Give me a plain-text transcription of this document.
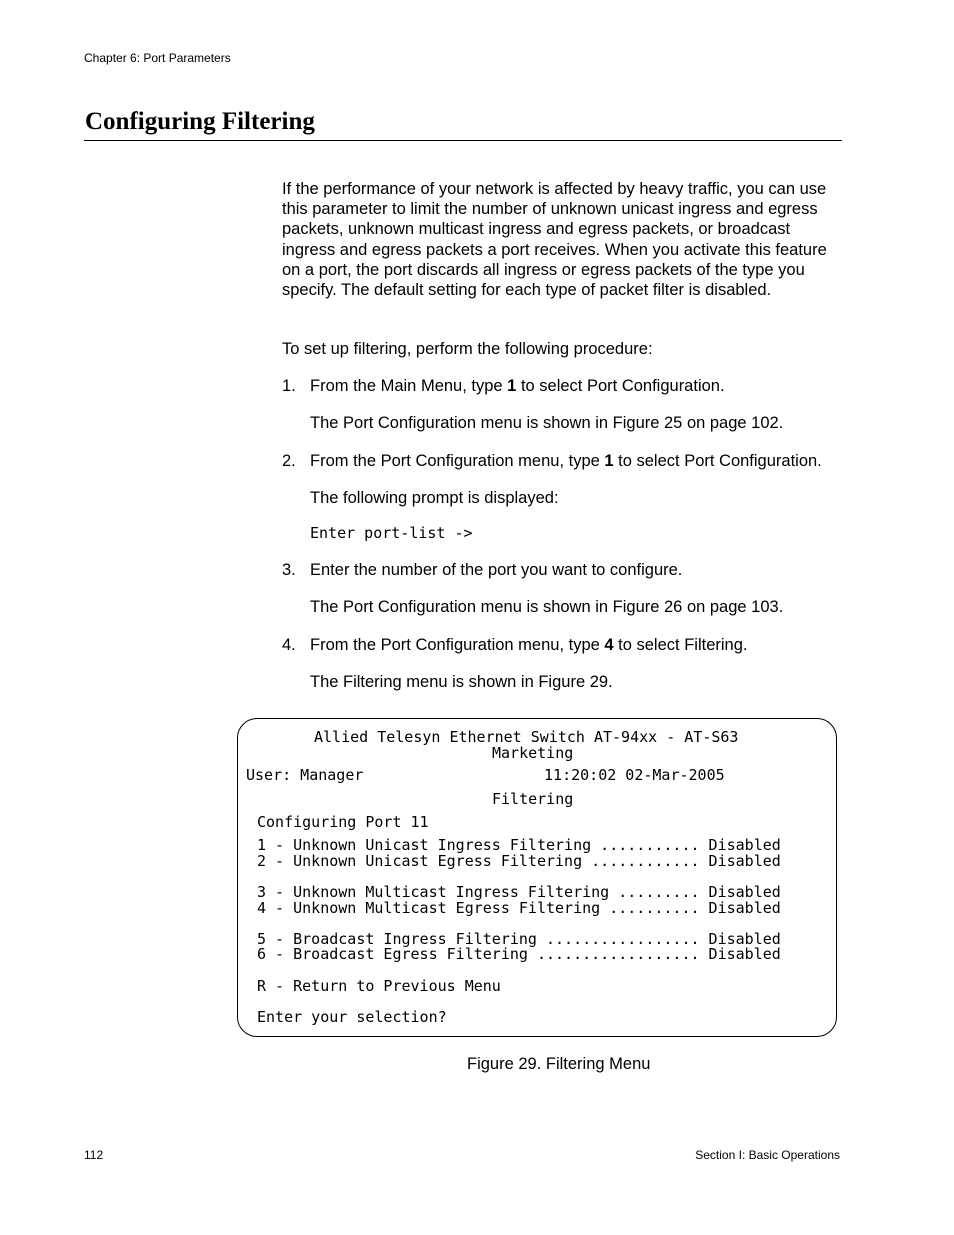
Chapter 6: Port Parameters
Configuring Filtering

If the performance of your network is affected by heavy traffic, you can use this parameter to limit the number of unknown unicast ingress and egress packets, unknown multicast ingress and egress packets, or broadcast ingress and egress packets a port receives. When you activate this feature on a port, the port discards all ingress or egress packets of the type you specify. The default setting for each type of packet filter is disabled.

To set up filtering, perform the following procedure:

1. From the Main Menu, type 1 to select Port Configuration.

The Port Configuration menu is shown in Figure 25 on page 102.

2. From the Port Configuration menu, type 1 to select Port Configuration.

The following prompt is displayed:

Enter port-list ->
3. Enter the number of the port you want to configure.

The Port Configuration menu is shown in Figure 26 on page 103.

4. From the Port Configuration menu, type 4 to select Filtering.

The Filtering menu is shown in Figure 29.

Allied Telesyn Ethernet Switch AT-94xx - AT-S63
Marketing
User: Manager                    11:20:02 02-Mar-2005
Filtering
Configuring Port 11
1 - Unknown Unicast Ingress Filtering ........... Disabled
2 - Unknown Unicast Egress Filtering ............ Disabled
3 - Unknown Multicast Ingress Filtering ......... Disabled
4 - Unknown Multicast Egress Filtering .......... Disabled
5 - Broadcast Ingress Filtering ................. Disabled
6 - Broadcast Egress Filtering .................. Disabled
R - Return to Previous Menu
Enter your selection?
Figure 29. Filtering Menu
112	Section I: Basic Operations
